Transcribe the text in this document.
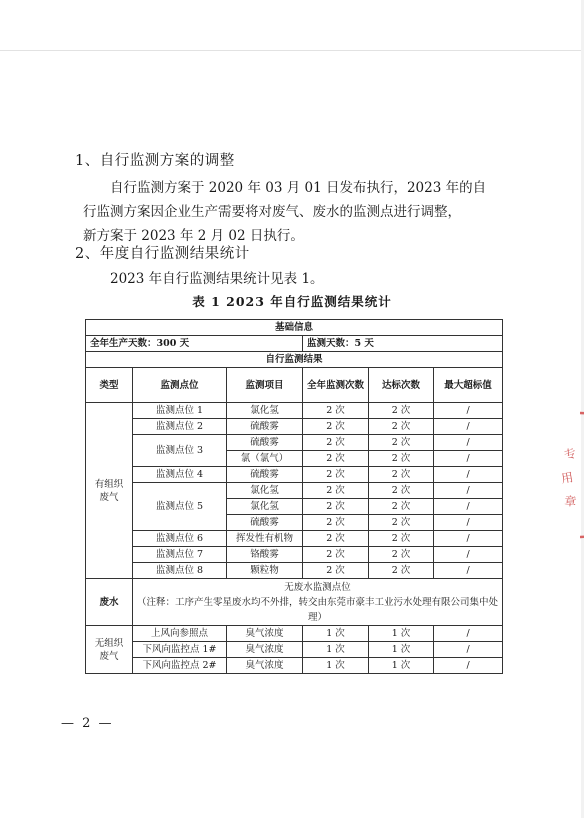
1、自行监测方案的调整
自行监测方案于 2020 年 03 月 01 日发布执行，2023 年的自
行监测方案因企业生产需要将对废气、废水的监测点进行调整，
新方案于 2023 年 2 月 02 日执行。
2、年度自行监测结果统计
2023 年自行监测结果统计见表 1。
表 1 2023 年自行监测结果统计
基础信息					
全年生产天数：300 天			监测天数：5 天		
自行监测结果					
类型	监测点位	监测项目	全年监测次数	达标次数	最大超标值
有组织废气	监测点位 1	氯化氢	2 次	2 次	/
	监测点位 2	硫酸雾	2 次	2 次	/
	监测点位 3	硫酸雾	2 次	2 次	/
		氯（氯气）	2 次	2 次	/
	监测点位 4	硫酸雾	2 次	2 次	/
	监测点位 5	氯化氢	2 次	2 次	/
		氯化氢	2 次	2 次	/
		硫酸雾	2 次	2 次	/
	监测点位 6	挥发性有机物	2 次	2 次	/
	监测点位 7	铬酸雾	2 次	2 次	/
	监测点位 8	颗粒物	2 次	2 次	/
废水	无废水监测点位
（注释：工序产生零星废水均不外排，转交由东莞市豪丰工业污水处理有限公司集中处理）				

无组织废气	上风向参照点	臭气浓度	1 次	1 次	/
	下风向监控点 1#	臭气浓度	1 次	1 次	/
	下风向监控点 2#	臭气浓度	1 次	1 次	/
— 2 —
专
用
章
